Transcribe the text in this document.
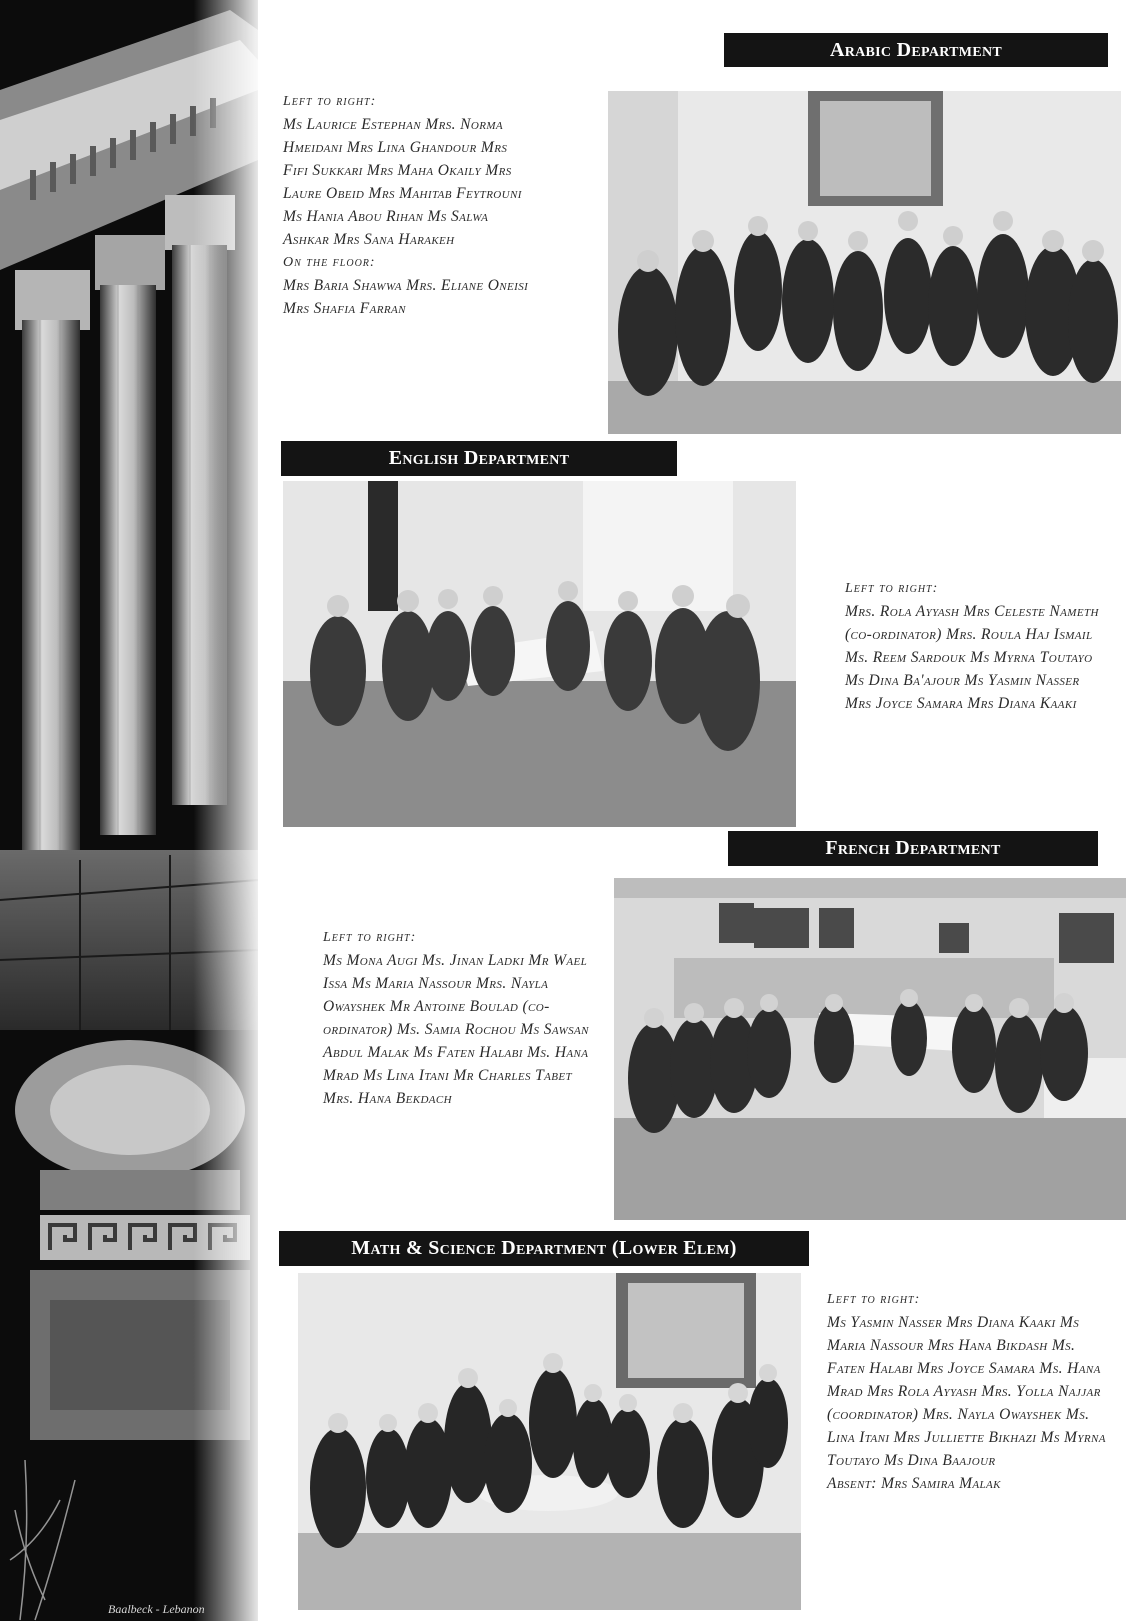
Baalbeck - Lebanon
Arabic Department
Left to right:
Ms Laurice Estephan Mrs. Norma Hmeidani Mrs Lina Ghandour Mrs Fifi Sukkari Mrs Maha Okaily Mrs Laure Obeid Mrs Mahitab Feytrouni Ms Hania Abou Rihan Ms Salwa Ashkar Mrs Sana Harakeh
On the floor:
Mrs Baria Shawwa Mrs. Eliane Oneisi Mrs Shafia Farran
English Department
Left to right:
Mrs. Rola Ayyash Mrs Celeste Nameth (co-ordinator) Mrs. Roula Haj Ismail Ms. Reem Sardouk Ms Myrna Toutayo Ms Dina Ba'ajour Ms Yasmin Nasser Mrs Joyce Samara Mrs Diana Kaaki
French Department
Left to right:
Ms Mona Augi Ms. Jinan Ladki Mr Wael Issa Ms Maria Nassour Mrs. Nayla Owayshek Mr Antoine Boulad (co-ordinator) Ms. Samia Rochou Ms Sawsan Abdul Malak Ms Faten Halabi Ms. Hana Mrad Ms Lina Itani Mr Charles Tabet Mrs. Hana Bekdach
Math & Science Department (Lower Elem)
Left to right:
Ms Yasmin Nasser Mrs Diana Kaaki Ms Maria Nassour Mrs Hana Bikdash Ms. Faten Halabi Mrs Joyce Samara Ms. Hana Mrad Mrs Rola Ayyash Mrs. Yolla Najjar (coordinator) Mrs. Nayla Owayshek Ms. Lina Itani Mrs Julliette Bikhazi Ms Myrna Toutayo Ms Dina Baajour
Absent: Mrs Samira Malak
